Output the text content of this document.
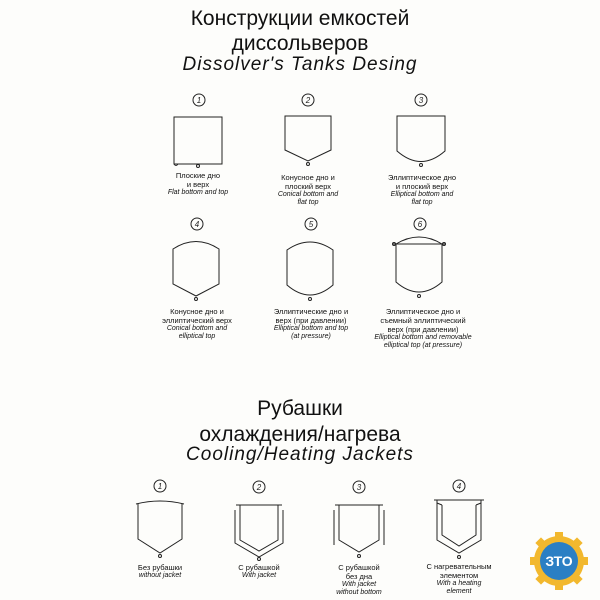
Конструкции емкостей
диссольверов
Dissolver's Tanks Desing
Рубашки
охлаждения/нагрева
Cooling/Heating Jackets
1	2	3
4	5	6
1	2	3	4
Плоские дно
и верх
Flat bottom and top
Конусное дно и
плоский верх
Conical bottom and
flat top
Эллиптическое дно
и плоский верх
Elliptical bottom and
flat top
Конусное дно и
эллиптический верх
Conical bottom and
elliptical top
Эллиптические дно и
верх (при давлении)
Elliptical bottom and top
(at pressure)
Эллиптическое дно и
съемный эллиптический
верх (при давлении)
Elliptical bottom and removable
elliptical top (at pressure)
Без рубашки
without jacket
С рубашкой
With jacket
С рубашкой
без дна
With jacket
without bottom
С нагревательным
элементом
With a heating
element
ЗТО
